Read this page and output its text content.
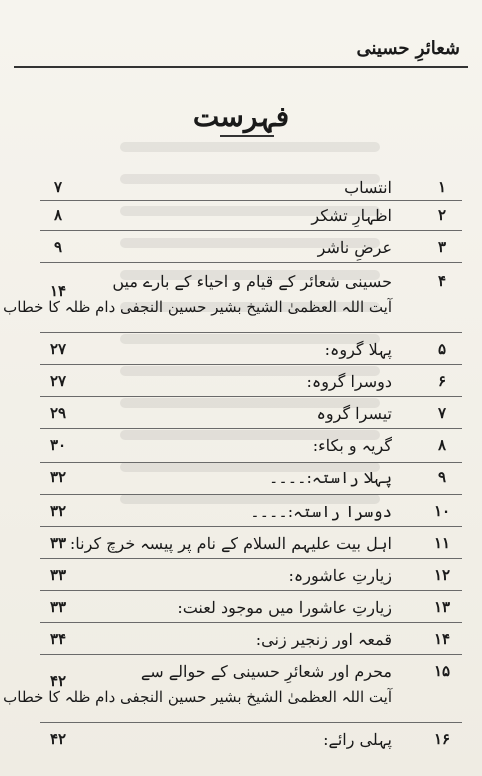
شعائرِ حسینی
فہرست
۱
انتساب
۷
۲
اظہارِ تشکر
۸
۳
عرضِ ناشر
۹
۴
حسینی شعائر کے قیام و احیاء کے بارے میں
آیت اللہ العظمیٰ الشیخ بشیر حسین النجفی دام ظلہ کا خطاب
۱۴
۵
پہلا گروہ:
۲۷
۶
دوسرا گروہ:
۲۷
۷
تیسرا گروہ
۲۹
۸
گریہ و بکاء:
۳۰
۹
پہلا راستہ:۔۔۔۔
۳۲
۱۰
دوسرا راستہ:۔۔۔۔
۳۲
۱۱
اہل بیت علیہم السلام کے نام پر پیسہ خرچ کرنا:
۳۳
۱۲
زیارتِ عاشورہ:
۳۳
۱۳
زیارتِ عاشورا میں موجود لعنت:
۳۳
۱۴
قمعہ اور زنجیر زنی:
۳۴
۱۵
محرم اور شعائرِ حسینی کے حوالے سے
آیت اللہ العظمیٰ الشیخ بشیر حسین النجفی دام ظلہ کا خطاب
۴۲
۱۶
پہلی رائے:
۴۲
